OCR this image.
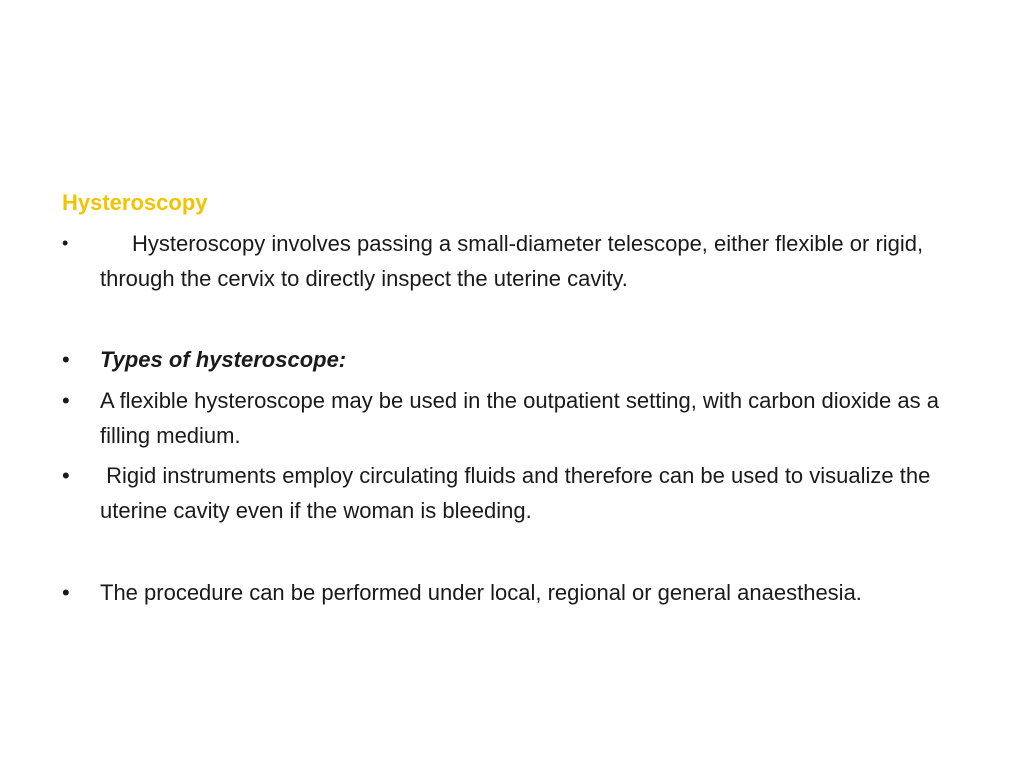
Hysteroscopy
•	Hysteroscopy involves passing a small-diameter telescope, either flexible or rigid, through the cervix to directly inspect the uterine cavity.
•	Types of hysteroscope:
•	A flexible hysteroscope may be used in the outpatient setting, with carbon dioxide as a filling medium.
•	Rigid instruments employ circulating fluids and therefore can be used to visualize the uterine cavity even if the woman is bleeding.
•	The procedure can be performed under local, regional or general anaesthesia.
